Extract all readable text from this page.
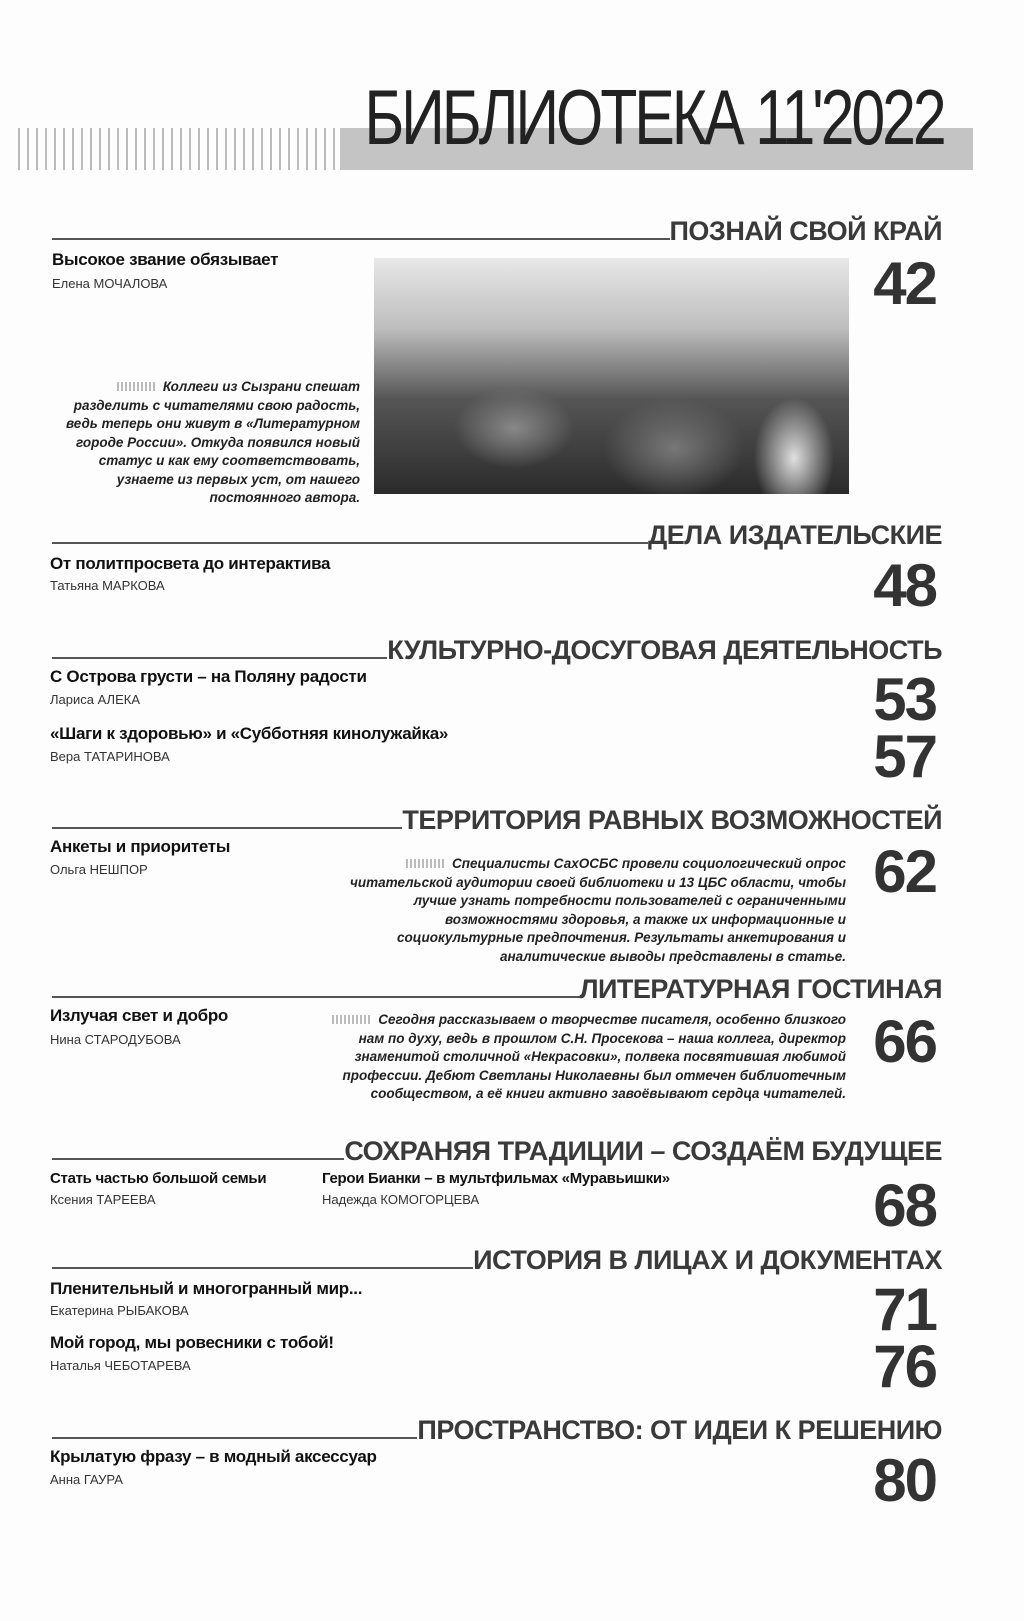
БИБЛИОТЕКА 11'2022
ПОЗНАЙ СВОЙ КРАЙ
Высокое звание обязывает
Елена МОЧАЛОВА	42
Коллеги из Сызрани спешат разделить с читателями свою радость, ведь теперь они живут в «Литературном городе России». Откуда появился новый статус и как ему соответствовать, узнаете из первых уст, от нашего постоянного автора.
ДЕЛА ИЗДАТЕЛЬСКИЕ
От политпросвета до интерактива
Татьяна МАРКОВА	48
КУЛЬТУРНО-ДОСУГОВАЯ ДЕЯТЕЛЬНОСТЬ
С Острова грусти – на Поляну радости
Лариса АЛЕКА	53
«Шаги к здоровью» и «Субботняя кинолужайка»
Вера ТАТАРИНОВА	57
ТЕРРИТОРИЯ РАВНЫХ ВОЗМОЖНОСТЕЙ
Анкеты и приоритеты
Ольга НЕШПОР	62
Специалисты СахОСБС провели социологический опрос читательской аудитории своей библиотеки и 13 ЦБС области, чтобы лучше узнать потребности пользователей с ограниченными возможностями здоровья, а также их информационные и социокультурные предпочтения. Результаты анкетирования и аналитические выводы представлены в статье.
ЛИТЕРАТУРНАЯ ГОСТИНАЯ
Излучая свет и добро
Нина СТАРОДУБОВА	66
Сегодня рассказываем о творчестве писателя, особенно близкого нам по духу, ведь в прошлом С.Н. Просекова – наша коллега, директор знаменитой столичной «Некрасовки», полвека посвятившая любимой профессии. Дебют Светланы Николаевны был отмечен библиотечным сообществом, а её книги активно завоёвывают сердца читателей.
СОХРАНЯЯ ТРАДИЦИИ – СОЗДАЁМ БУДУЩЕЕ
Стать частью большой семьи
Ксения ТАРЕЕВА
Герои Бианки – в мультфильмах «Муравьишки»
Надежда КОМОГОРЦЕВА	68
ИСТОРИЯ В ЛИЦАХ И ДОКУМЕНТАХ
Пленительный и многогранный мир...
Екатерина РЫБАКОВА	71
Мой город, мы ровесники с тобой!
Наталья ЧЕБОТАРЕВА	76
ПРОСТРАНСТВО: ОТ ИДЕИ К РЕШЕНИЮ
Крылатую фразу – в модный аксессуар
Анна ГАУРА	80
